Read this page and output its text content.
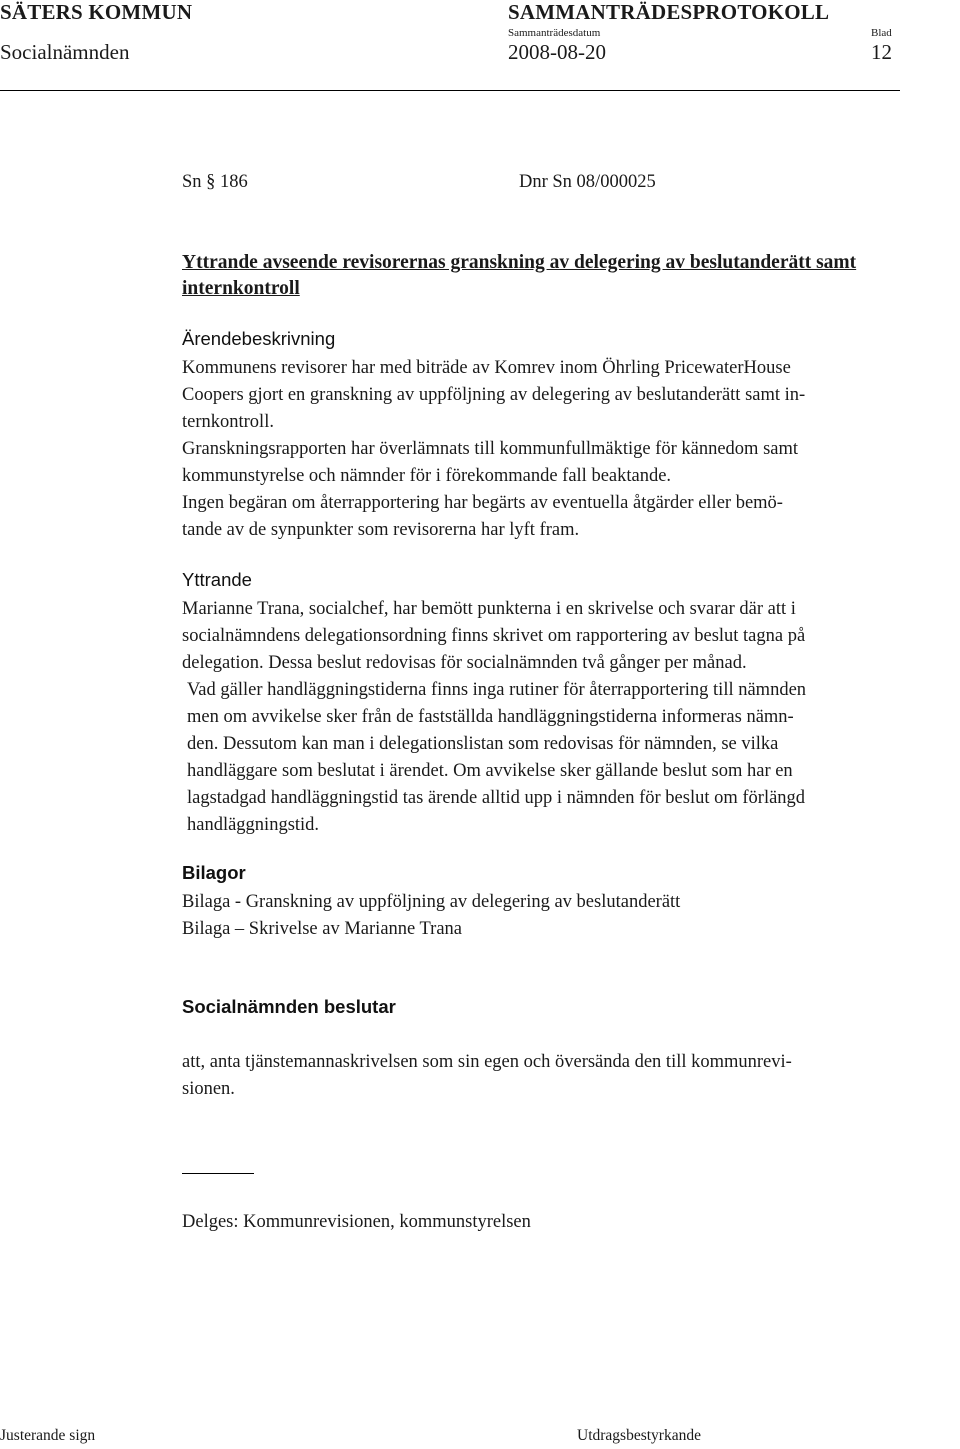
SÄTERS KOMMUN
Socialnämnden
SAMMANTRÄDESPROTOKOLL
Sammanträdesdatum
2008-08-20
Blad
12
Sn § 186	Dnr Sn 08/000025
Yttrande avseende revisorernas granskning av delegering av beslutanderätt samt internkontroll
Ärendebeskrivning
Kommunens revisorer har med biträde av Komrev inom Öhrling PricewaterHouse
Coopers gjort en granskning av uppföljning av delegering av beslutanderätt samt in-
ternkontroll.
Granskningsrapporten har överlämnats till kommunfullmäktige för kännedom samt
kommunstyrelse och nämnder för i förekommande fall beaktande.
Ingen begäran om återrapportering har begärts av eventuella åtgärder eller bemö-
tande av de synpunkter som revisorerna har lyft fram.
Yttrande
Marianne Trana, socialchef, har bemött punkterna i en skrivelse och svarar där att i
socialnämndens delegationsordning finns skrivet om rapportering av beslut tagna på
delegation. Dessa beslut redovisas för socialnämnden två gånger per månad.
Vad gäller handläggningstiderna finns inga rutiner för återrapportering till nämnden
men om avvikelse sker från de fastställda handläggningstiderna informeras nämn-
den. Dessutom kan man i delegationslistan som redovisas för nämnden, se vilka
handläggare som beslutat i ärendet. Om avvikelse sker gällande beslut som har en
lagstadgad handläggningstid tas ärende alltid upp i nämnden för beslut om förlängd
handläggningstid.
Bilagor
Bilaga - Granskning av uppföljning av delegering av beslutanderätt
Bilaga – Skrivelse av Marianne Trana
Socialnämnden beslutar
att, anta tjänstemannaskrivelsen som sin egen och översända den till kommunrevi-
sionen.
Delges: Kommunrevisionen, kommunstyrelsen
Justerande sign	Utdragsbestyrkande
